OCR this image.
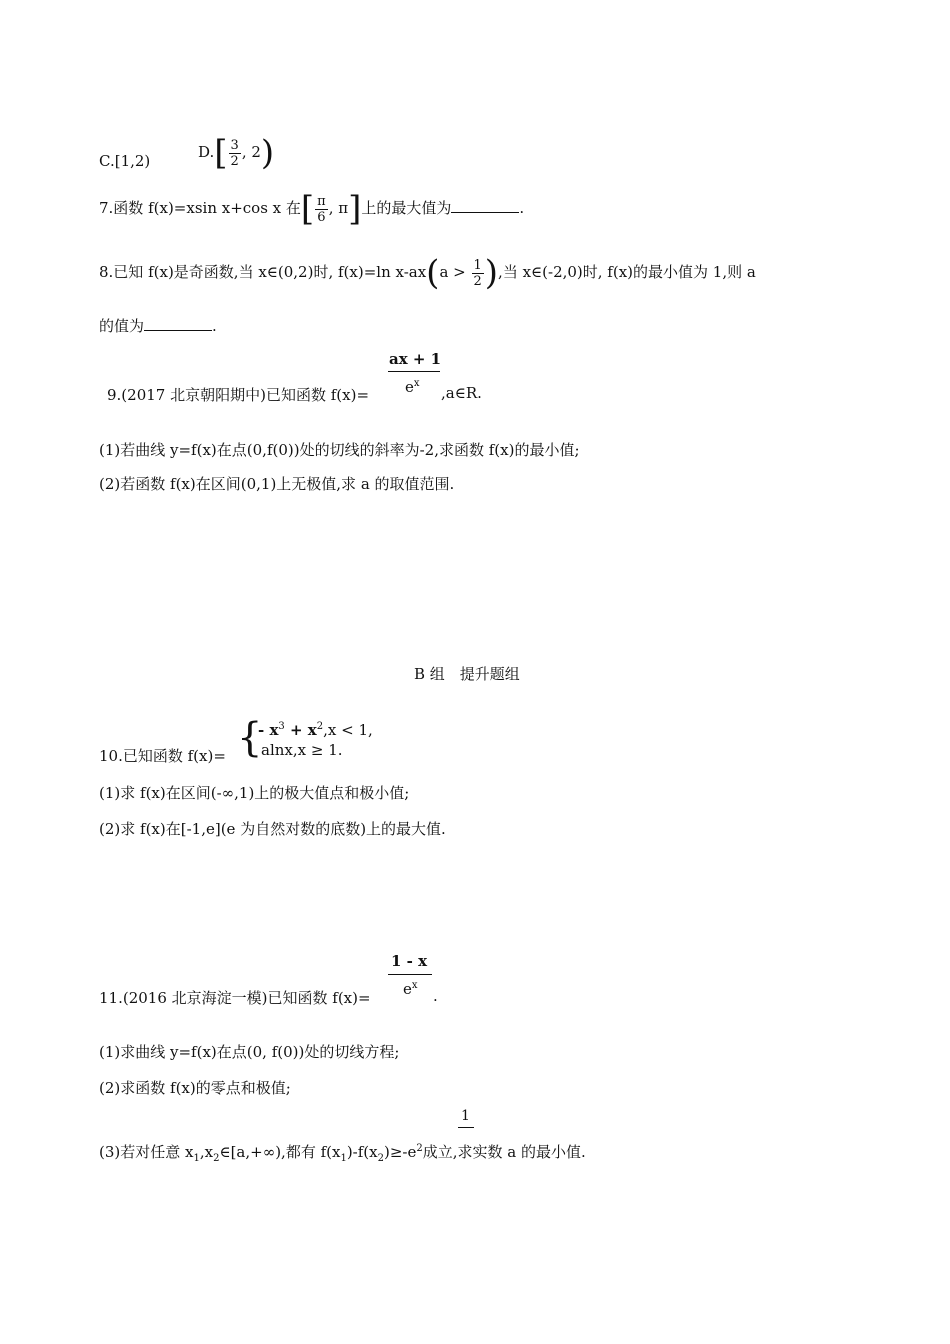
C.[1,2)	$D.[ \frac{3}{2}$ , 2)
7.函数 f(x)=xsin x+cos x 在[ $\frac{\pi}{6}$ , π]上的最大值为	.
8.已知 f(x)是奇函数,当 x∈(0,2)时, f(x)=ln $x-ax(a > \frac{1}{2}$ ),当 x∈(-2,0)时, f(x)的最小值为 1,则 a
的值为	.
ax + 1
$e^x$
9.(2017 北京朝阳期中)已知函数 f(x)=	,a∈R.
(1)若曲线 y=f(x)在点(0,f(0))处的切线的斜率为-2,求函数 f(x)的最小值;
(2)若函数 f(x)在区间(0,1)上无极值,求 a 的取值范围.
B 组　提升题组
10.已知函数 f(x)= {
- $x^3 + x^2,x < 1$,
alnx,x ≥ 1.
(1)求 f(x)在区间(-∞,1)上的极大值点和极小值;
(2)求 f(x)在[-1,e](e 为自然对数的底数)上的最大值.
1 - x
$e^x$
11.(2016 北京海淀一模)已知函数 f(x)=	.
(1)求曲线 y=f(x)在点(0, f(0))处的切线方程;
(2)求函数 f(x)的零点和极值;
1
(3)若对任意 $x_1,x_2\in[a,+\infty)$,都有 $f(x_1)-f(x_2)\ge-e^2$成立,求实数 a 的最小值.
